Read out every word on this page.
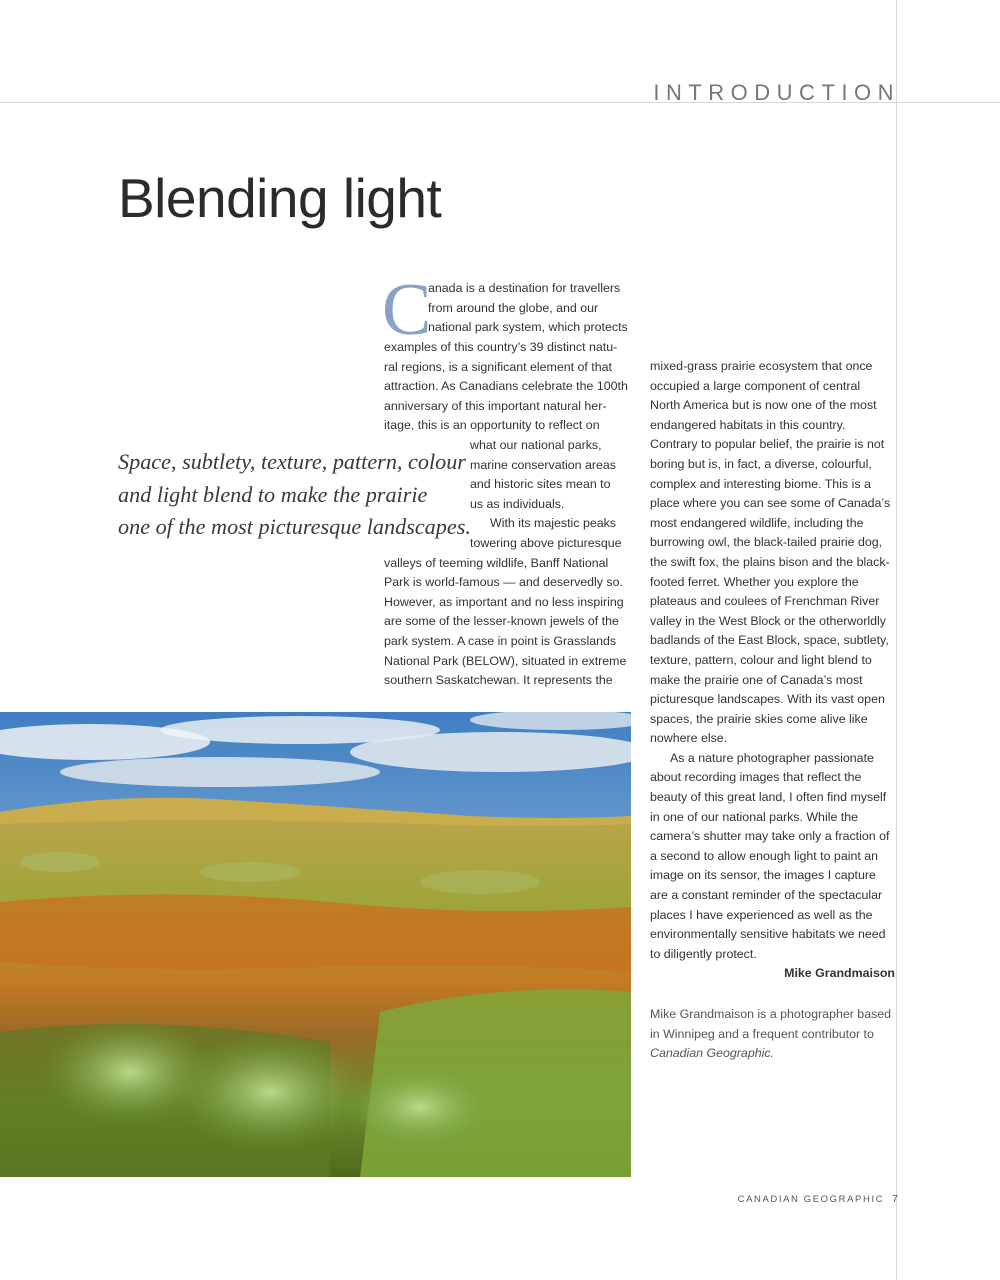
INTRODUCTION
Blending light
Space, subtlety, texture, pattern, colour
and light blend to make the prairie
one of the most picturesque landscapes.
C
anada is a destination for travellers
from around the globe, and our
national park system, which protects
examples of this country’s 39 distinct natu-
ral regions, is a significant element of that
attraction. As Canadians celebrate the 100th
anniversary of this important natural her-
itage, this is an opportunity to reflect on
what our national parks,
marine conservation areas
and historic sites mean to
us as individuals.
With its majestic peaks
towering above picturesque
valleys of teeming wildlife, Banff National
Park is world-famous — and deservedly so.
However, as important and no less inspiring
are some of the lesser-known jewels of the
park system. A case in point is Grasslands
National Park (BELOW), situated in extreme
southern Saskatchewan. It represents the
mixed-grass prairie ecosystem that once
occupied a large component of central
North America but is now one of the most
endangered habitats in this country.
Contrary to popular belief, the prairie is not
boring but is, in fact, a diverse, colourful,
complex and interesting biome. This is a
place where you can see some of Canada’s
most endangered wildlife, including the
burrowing owl, the black-tailed prairie dog,
the swift fox, the plains bison and the black-
footed ferret. Whether you explore the
plateaus and coulees of Frenchman River
valley in the West Block or the otherworldly
badlands of the East Block, space, subtlety,
texture, pattern, colour and light blend to
make the prairie one of Canada’s most
picturesque landscapes. With its vast open
spaces, the prairie skies come alive like
nowhere else.
As a nature photographer passionate
about recording images that reflect the
beauty of this great land, I often find myself
in one of our national parks. While the
camera’s shutter may take only a fraction of
a second to allow enough light to paint an
image on its sensor, the images I capture
are a constant reminder of the spectacular
places I have experienced as well as the
environmentally sensitive habitats we need
to diligently protect.
Mike Grandmaison
Mike Grandmaison is a photographer based
in Winnipeg and a frequent contributor to
Canadian Geographic.
CANADIAN GEOGRAPHIC 7
